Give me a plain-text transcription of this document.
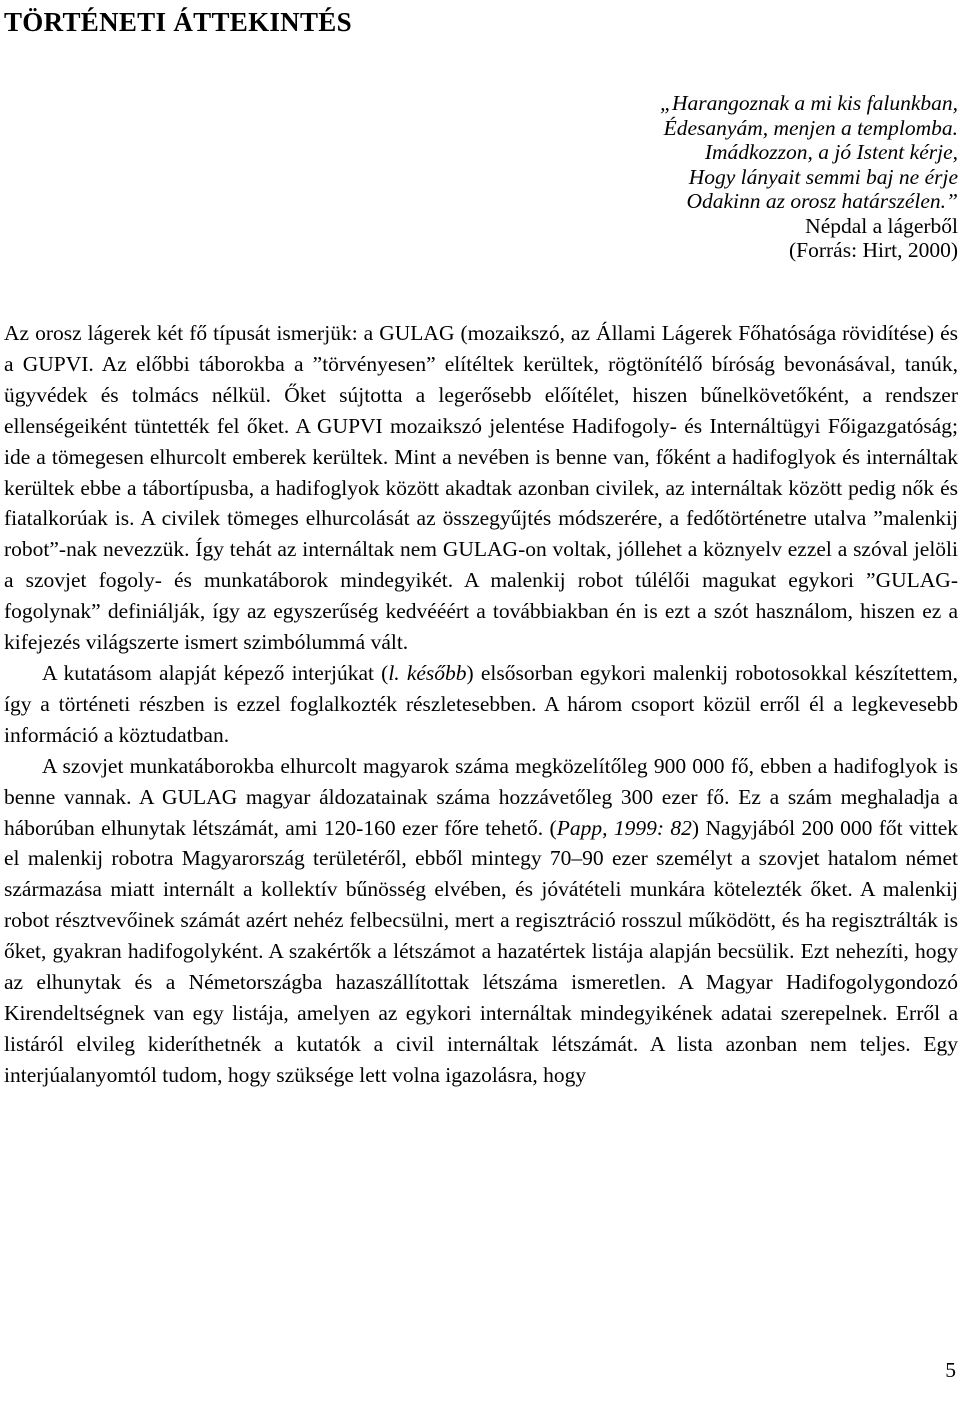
TÖRTÉNETI ÁTTEKINTÉS
„Harangoznak a mi kis falunkban,
Édesanyám, menjen a templomba.
Imádkozzon, a jó Istent kérje,
Hogy lányait semmi baj ne érje
Odakinn az orosz határszélen.”
Népdal a lágerből
(Forrás: Hirt, 2000)

Az orosz lágerek két fő típusát ismerjük: a GULAG (mozaikszó, az Állami Lágerek Főhatósága rövidítése) és a GUPVI. Az előbbi táborokba a ”törvényesen” elítéltek kerültek, rögtönítélő bíróság bevonásával, tanúk, ügyvédek és tolmács nélkül. Őket sújtotta a legerősebb előítélet, hiszen bűnelkövetőként, a rendszer ellenségeiként tüntették fel őket. A GUPVI mozaikszó jelentése Hadifogoly- és Internáltügyi Főigazgatóság; ide a tömegesen elhurcolt emberek kerültek. Mint a nevében is benne van, főként a hadifoglyok és internáltak kerültek ebbe a tábortípusba, a hadifoglyok között akadtak azonban civilek, az internáltak között pedig nők és fiatalkorúak is. A civilek tömeges elhurcolását az összegyűjtés módszerére, a fedőtörténetre utalva ”malenkij robot”-nak nevezzük. Így tehát az internáltak nem GULAG-on voltak, jóllehet a köznyelv ezzel a szóval jelöli a szovjet fogoly- és munkatáborok mindegyikét. A malenkij robot túlélői magukat egykori ”GULAG-fogolynak” definiálják, így az egyszerűség kedvééért a továbbiakban én is ezt a szót használom, hiszen ez a kifejezés világszerte ismert szimbólummá vált.

A kutatásom alapját képező interjúkat (l. később) elsősorban egykori malenkij robotosokkal készítettem, így a történeti részben is ezzel foglalkozték részletesebben. A három csoport közül erről él a legkevesebb információ a köztudatban.

A szovjet munkatáborokba elhurcolt magyarok száma megközelítőleg 900 000 fő, ebben a hadifoglyok is benne vannak. A GULAG magyar áldozatainak száma hozzávetőleg 300 ezer fő. Ez a szám meghaladja a háborúban elhunytak létszámát, ami 120-160 ezer főre tehető. (Papp, 1999: 82) Nagyjából 200 000 főt vittek el malenkij robotra Magyarország területéről, ebből mintegy 70–90 ezer személyt a szovjet hatalom német származása miatt internált a kollektív bűnösség elvében, és jóvátételi munkára kötelezték őket. A malenkij robot résztvevőinek számát azért nehéz felbecsülni, mert a regisztráció rosszul működött, és ha regisztrálták is őket, gyakran hadifogolyként. A szakértők a létszámot a hazatértek listája alapján becsülik. Ezt nehezíti, hogy az elhunytak és a Németországba hazaszállítottak létszáma ismeretlen. A Magyar Hadifogolygondozó Kirendeltségnek van egy listája, amelyen az egykori internáltak mindegyikének adatai szerepelnek. Erről a listáról elvileg kideríthetnék a kutatók a civil internáltak létszámát. A lista azonban nem teljes. Egy interjúalanyomtól tudom, hogy szüksége lett volna igazolásra, hogy

5
